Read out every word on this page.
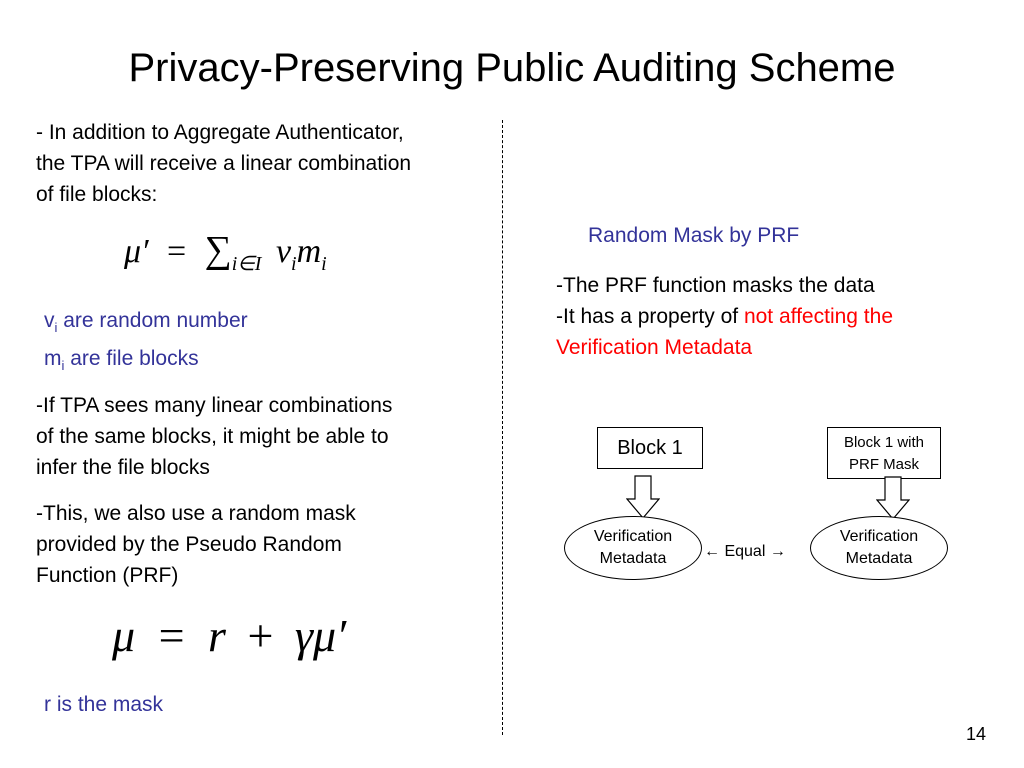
Privacy-Preserving Public Auditing Scheme
- In addition to Aggregate Authenticator,
the TPA will receive a linear combination
of file blocks:
$\mu' = \sum_{i\in I}$ $\nu_im_i$
$v_i$ are random number
$m_i$ are file blocks
-If TPA sees many linear combinations
of the same blocks, it might be able to
infer the file blocks
-This, we also use a random mask
provided by the Pseudo Random
Function (PRF)
μ = r + γμ′
r is the mask
Random Mask by PRF
-The PRF function masks the data
-It has a property of not affecting the
Verification Metadata
Block 1	Block 1 with
PRF Mask
Verification
Metadata
Verification
Metadata
← Equal →
14
